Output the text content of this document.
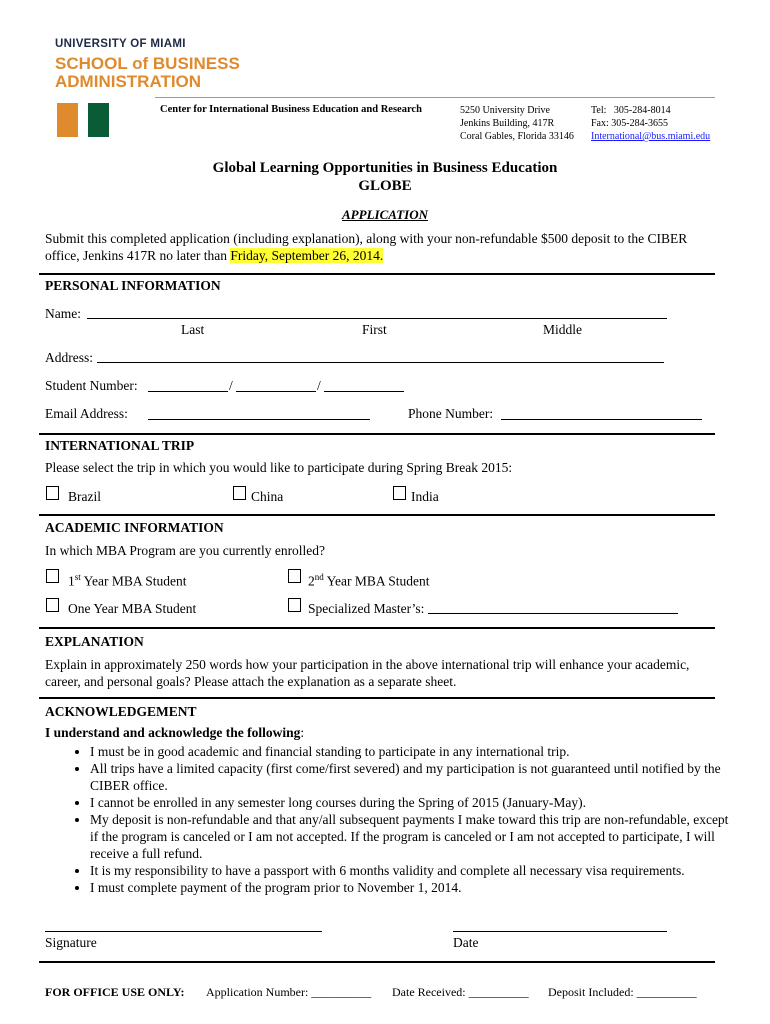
UNIVERSITY OF MIAMI
SCHOOL of BUSINESS
ADMINISTRATION
Center for International Business Education and Research	5250 University Drive
Jenkins Building, 417R
Coral Gables, Florida 33146
Tel:   305-284-8014
Fax: 305-284-3655
International@bus.miami.edu
Global Learning Opportunities in Business Education
GLOBE
APPLICATION
Submit this completed application (including explanation), along with your non-refundable $500 deposit to the CIBER
office, Jenkins 417R no later than Friday, September 26, 2014.
PERSONAL INFORMATION
Name:
Last	First	Middle
Address:
Student Number:	/	/
Email Address:	Phone Number:
INTERNATIONAL TRIP
Please select the trip in which you would like to participate during Spring Break 2015:
Brazil	China	India
ACADEMIC INFORMATION
In which MBA Program are you currently enrolled?
1st Year MBA Student	2nd Year MBA Student
One Year MBA Student	Specialized Master’s:
EXPLANATION
Explain in approximately 250 words how your participation in the above international trip will enhance your academic,
career, and personal goals? Please attach the explanation as a separate sheet.
ACKNOWLEDGEMENT
I understand and acknowledge the following:
• I must be in good academic and financial standing to participate in any international trip.
• All trips have a limited capacity (first come/first severed) and my participation is not guaranteed until notified by the CIBER office.
• I cannot be enrolled in any semester long courses during the Spring of 2015 (January-May).
• My deposit is non-refundable and that any/all subsequent payments I make toward this trip are non-refundable, except if the program is canceled or I am not accepted. If the program is canceled or I am not accepted to participate, I will receive a full refund.
• It is my responsibility to have a passport with 6 months validity and complete all necessary visa requirements.
• I must complete payment of the program prior to November 1, 2014.
Signature	Date
FOR OFFICE USE ONLY: Application Number: __________ Date Received: __________ Deposit Included: __________
